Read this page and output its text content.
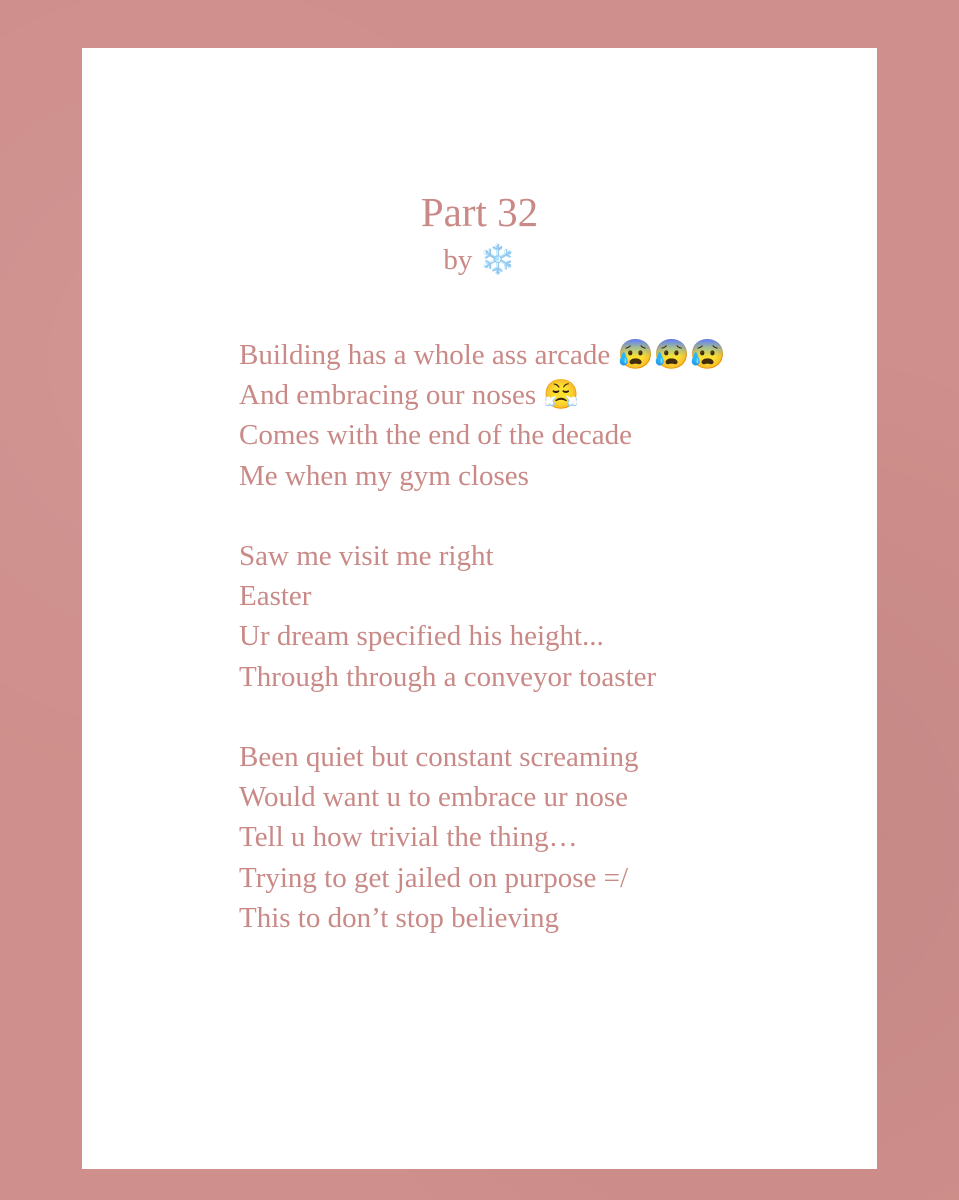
Part 32
by ❄️
Building has a whole ass arcade 😰😰😰
And embracing our noses 😤
Comes with the end of the decade
Me when my gym closes
Saw me visit me right
Easter
Ur dream specified his height...
Through through a conveyor toaster
Been quiet but constant screaming
Would want u to embrace ur nose
Tell u how trivial the thing…
Trying to get jailed on purpose =/
This to don’t stop believing
